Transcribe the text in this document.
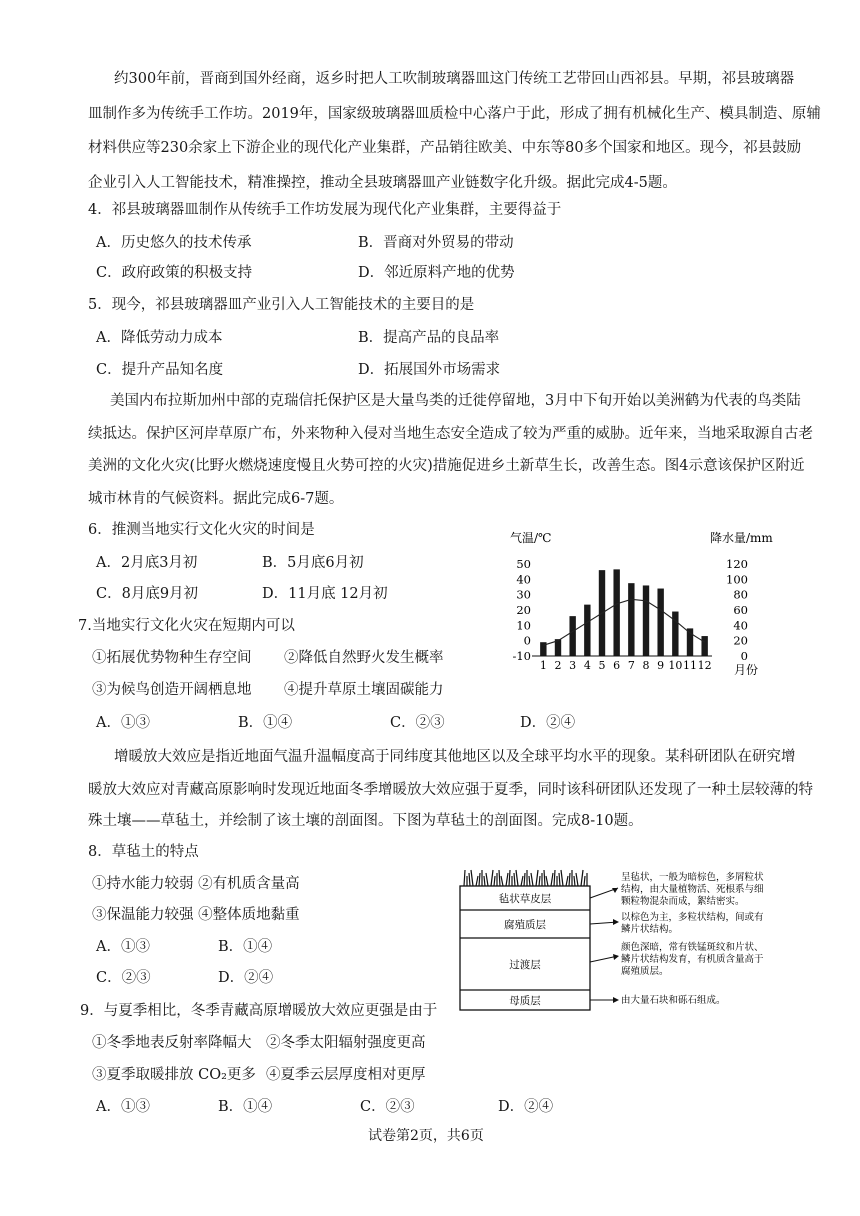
约300年前，晋商到国外经商，返乡时把人工吹制玻璃器皿这门传统工艺带回山西祁县。早期，祁县玻璃器
皿制作多为传统手工作坊。2019年，国家级玻璃器皿质检中心落户于此，形成了拥有机械化生产、模具制造、原辅
材料供应等230余家上下游企业的现代化产业集群，产品销往欧美、中东等80多个国家和地区。现今，祁县鼓励
企业引入人工智能技术，精准操控，推动全县玻璃器皿产业链数字化升级。据此完成4-5题。
4．祁县玻璃器皿制作从传统手工作坊发展为现代化产业集群，主要得益于
A．历史悠久的技术传承	B．晋商对外贸易的带动
C．政府政策的积极支持	D．邻近原料产地的优势
5．现今，祁县玻璃器皿产业引入人工智能技术的主要目的是
A．降低劳动力成本	B．提高产品的良品率
C．提升产品知名度	D．拓展国外市场需求
美国内布拉斯加州中部的克瑞信托保护区是大量鸟类的迁徙停留地，3月中下旬开始以美洲鹤为代表的鸟类陆
续抵达。保护区河岸草原广布，外来物种入侵对当地生态安全造成了较为严重的威胁。近年来，当地采取源自古老
美洲的文化火灾(比野火燃烧速度慢且火势可控的火灾)措施促进乡土新草生长，改善生态。图4示意该保护区附近
城市林肯的气候资料。据此完成6-7题。
6．推测当地实行文化火灾的时间是
A．2月底3月初	B．5月底6月初
C．8月底9月初	D．11月底 12月初
7.当地实行文化火灾在短期内可以
①拓展优势物种生存空间 ②降低自然野火发生概率
③为候鸟创造开阔栖息地 ④提升草原土壤固碳能力
A．①③	B．①④	C．②③	D．②④
气温/℃	降水量/mm
月份
50
40
30
20
10
0
-10
120
100
80
60
40
20
0
1 2 3 4 5 6 7 8 9 10 11 12
增暖放大效应是指近地面气温升温幅度高于同纬度其他地区以及全球平均水平的现象。某科研团队在研究增
暖放大效应对青藏高原影响时发现近地面冬季增暖放大效应强于夏季，同时该科研团队还发现了一种土层较薄的特
殊土壤——草毡土，并绘制了该土壤的剖面图。下图为草毡土的剖面图。完成8-10题。
8．草毡土的特点
①持水能力较弱 ②有机质含量高
③保温能力较强 ④整体质地黏重
A．①③	B．①④
C．②③	D．②④
毡状草皮层
腐殖质层
过渡层
母质层
呈毡状，一般为暗棕色，多屑粒状
结构，由大量植物活、死根系与细
颗粒物混杂而成，絮结密实。
以棕色为主，多粒状结构，间或有
鳞片状结构。
颜色深暗，常有铁锰斑纹和片状、
鳞片状结构发育，有机质含量高于
腐殖质层。
由大量石块和砾石组成。
9．与夏季相比，冬季青藏高原增暖放大效应更强是由于
①冬季地表反射率降幅大 ②冬季太阳辐射强度更高
③夏季取暖排放 CO₂更多 ④夏季云层厚度相对更厚
A．①③	B．①④	C．②③	D．②④
试卷第2页，共6页
